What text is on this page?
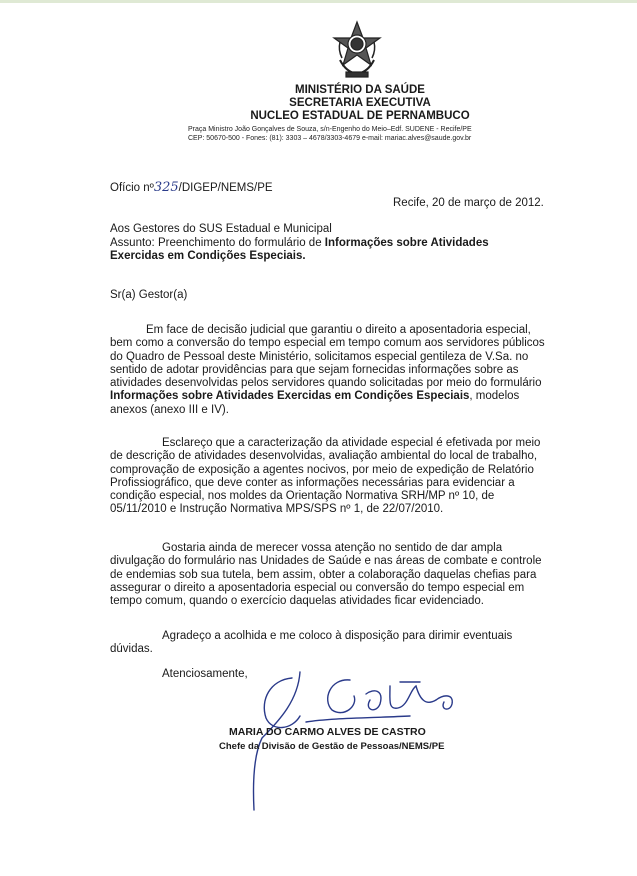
MINISTÉRIO DA SAÚDE
SECRETARIA EXECUTIVA
NUCLEO ESTADUAL DE PERNAMBUCO
Praça Ministro João Gonçalves de Souza, s/n-Engenho do Meio–Edf. SUDENE - Recife/PE
CEP: 50670-500 - Fones: (81): 3303 – 4678/3303-4679 e-mail: mariac.alves@saude.gov.br
Ofício nº325/DIGEP/NEMS/PE
Recife, 20 de março de 2012.
Aos Gestores do SUS Estadual e Municipal
Assunto: Preenchimento do formulário de Informações sobre Atividades
Exercidas em Condições Especiais.
Sr(a) Gestor(a)
Em face de decisão judicial que garantiu o direito a aposentadoria especial,
bem como a conversão do tempo especial em tempo comum aos servidores públicos
do Quadro de Pessoal deste Ministério, solicitamos especial gentileza de V.Sa. no
sentido de adotar providências para que sejam fornecidas informações sobre as
atividades desenvolvidas pelos servidores quando solicitadas por meio do formulário
Informações sobre Atividades Exercidas em Condições Especiais, modelos
anexos (anexo III e IV).
Esclareço que a caracterização da atividade especial é efetivada por meio
de descrição de atividades desenvolvidas, avaliação ambiental do local de trabalho,
comprovação de exposição a agentes nocivos, por meio de expedição de Relatório
Profissiográfico, que deve conter as informações necessárias para evidenciar a
condição especial, nos moldes da Orientação Normativa SRH/MP nº 10, de
05/11/2010 e Instrução Normativa MPS/SPS nº 1, de 22/07/2010.
Gostaria ainda de merecer vossa atenção no sentido de dar ampla
divulgação do formulário nas Unidades de Saúde e nas áreas de combate e controle
de endemias sob sua tutela, bem assim, obter a colaboração daquelas chefias para
assegurar o direito a aposentadoria especial ou conversão do tempo especial em
tempo comum, quando o exercício daquelas atividades ficar evidenciado.
Agradeço a acolhida e me coloco à disposição para dirimir eventuais
dúvidas.
Atenciosamente,
MARIA DO CARMO ALVES DE CASTRO
Chefe da Divisão de Gestão de Pessoas/NEMS/PE
